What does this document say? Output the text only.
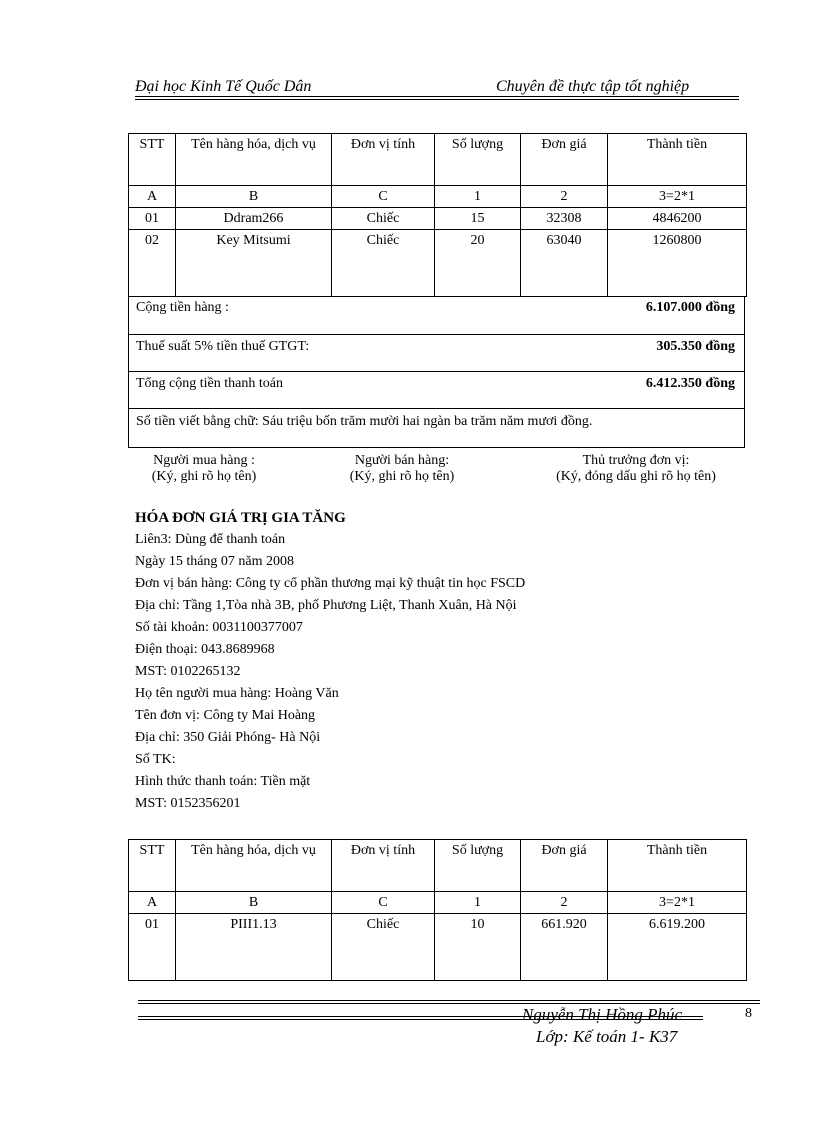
Đại học Kinh Tế Quốc Dân	Chuyên đề thực tập tốt nghiệp
STT	Tên hàng hóa, dịch vụ	Đơn vị tính	Số lượng	Đơn giá	Thành tiền
A	B	C	1	2	3=2*1
01	Ddram266	Chiếc	15	32308	4846200
02	Key Mitsumi	Chiếc	20	63040	1260800
Cộng tiền hàng :	6.107.000 đồng
Thuế suất 5% tiền thuế GTGT:	305.350 đồng
Tổng cộng tiền thanh toán	6.412.350 đồng
Số tiền viết bằng chữ: Sáu triệu bốn trăm mười hai ngàn ba trăm năm mươi đồng.
Người mua hàng :
(Ký, ghi rõ họ tên)
Người bán hàng:
(Ký, ghi rõ họ tên)
Thủ trưởng đơn vị:
(Ký, đóng dấu ghi rõ họ tên)
HÓA ĐƠN GIÁ TRỊ GIA TĂNG
Liên3: Dùng để thanh toán
Ngày 15 tháng 07 năm 2008
Đơn vị bán hàng: Công ty cổ phần thương mại kỹ thuật tin học FSCD
Địa chỉ: Tầng 1,Tòa nhà 3B, phố Phương Liệt, Thanh Xuân, Hà Nội
Số tài khoản: 0031100377007
Điện thoại: 043.8689968
MST: 0102265132
Họ tên người mua hàng: Hoàng Văn
Tên đơn vị: Công ty Mai Hoàng
Địa chỉ: 350 Giải Phóng- Hà Nội
Số TK:
Hình thức thanh toán: Tiền mặt
MST: 0152356201
STT	Tên hàng hóa, dịch vụ	Đơn vị tính	Số lượng	Đơn giá	Thành tiền
A	B	C	1	2	3=2*1
01	PIII1.13	Chiếc	10	661.920	6.619.200
Nguyễn Thị Hồng Phúc	8
Lớp: Kế toán 1- K37
